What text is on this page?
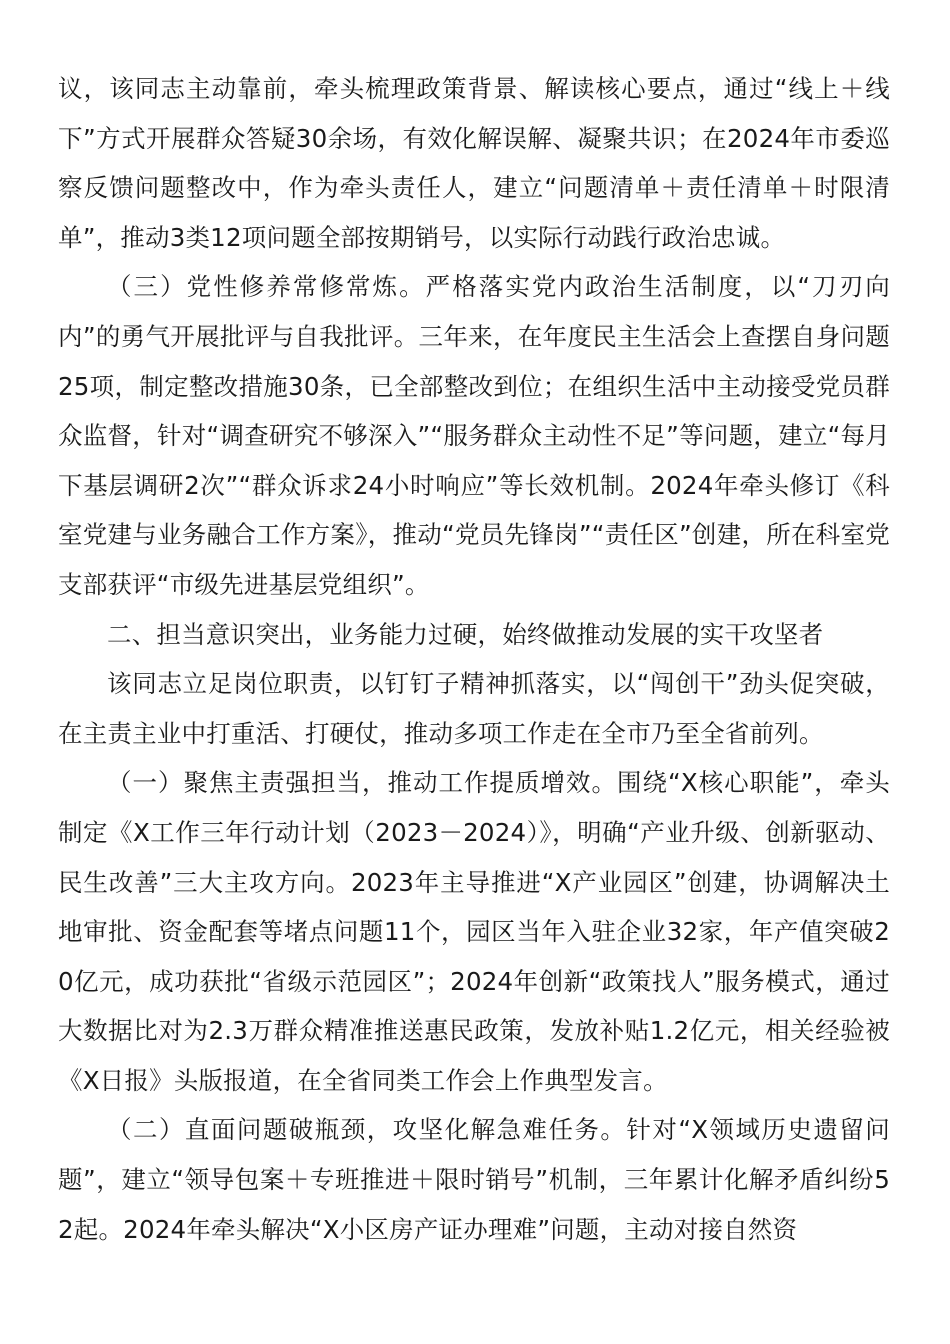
议，该同志主动靠前，牵头梳理政策背景、解读核心要点，通过“线上＋线下”方式开展群众答疑30余场，有效化解误解、凝聚共识；在2024年市委巡察反馈问题整改中，作为牵头责任人，建立“问题清单＋责任清单＋时限清单”，推动3类12项问题全部按期销号，以实际行动践行政治忠诚。

（三）党性修养常修常炼。严格落实党内政治生活制度，以“刀刃向内”的勇气开展批评与自我批评。三年来，在年度民主生活会上查摆自身问题25项，制定整改措施30条，已全部整改到位；在组织生活中主动接受党员群众监督，针对“调查研究不够深入”“服务群众主动性不足”等问题，建立“每月下基层调研2次”“群众诉求24小时响应”等长效机制。2024年牵头修订《科室党建与业务融合工作方案》，推动“党员先锋岗”“责任区”创建，所在科室党支部获评“市级先进基层党组织”。

二、担当意识突出，业务能力过硬，始终做推动发展的实干攻坚者

该同志立足岗位职责，以钉钉子精神抓落实，以“闯创干”劲头促突破，在主责主业中打重活、打硬仗，推动多项工作走在全市乃至全省前列。

（一）聚焦主责强担当，推动工作提质增效。围绕“X核心职能”，牵头制定《X工作三年行动计划（2023－2024）》，明确“产业升级、创新驱动、民生改善”三大主攻方向。2023年主导推进“X产业园区”创建，协调解决土地审批、资金配套等堵点问题11个，园区当年入驻企业32家，年产值突破20亿元，成功获批“省级示范园区”；2024年创新“政策找人”服务模式，通过大数据比对为2.3万群众精准推送惠民政策，发放补贴1.2亿元，相关经验被《X日报》头版报道，在全省同类工作会上作典型发言。

（二）直面问题破瓶颈，攻坚化解急难任务。针对“X领域历史遗留问题”，建立“领导包案＋专班推进＋限时销号”机制，三年累计化解矛盾纠纷52起。2024年牵头解决“X小区房产证办理难”问题，主动对接自然资
